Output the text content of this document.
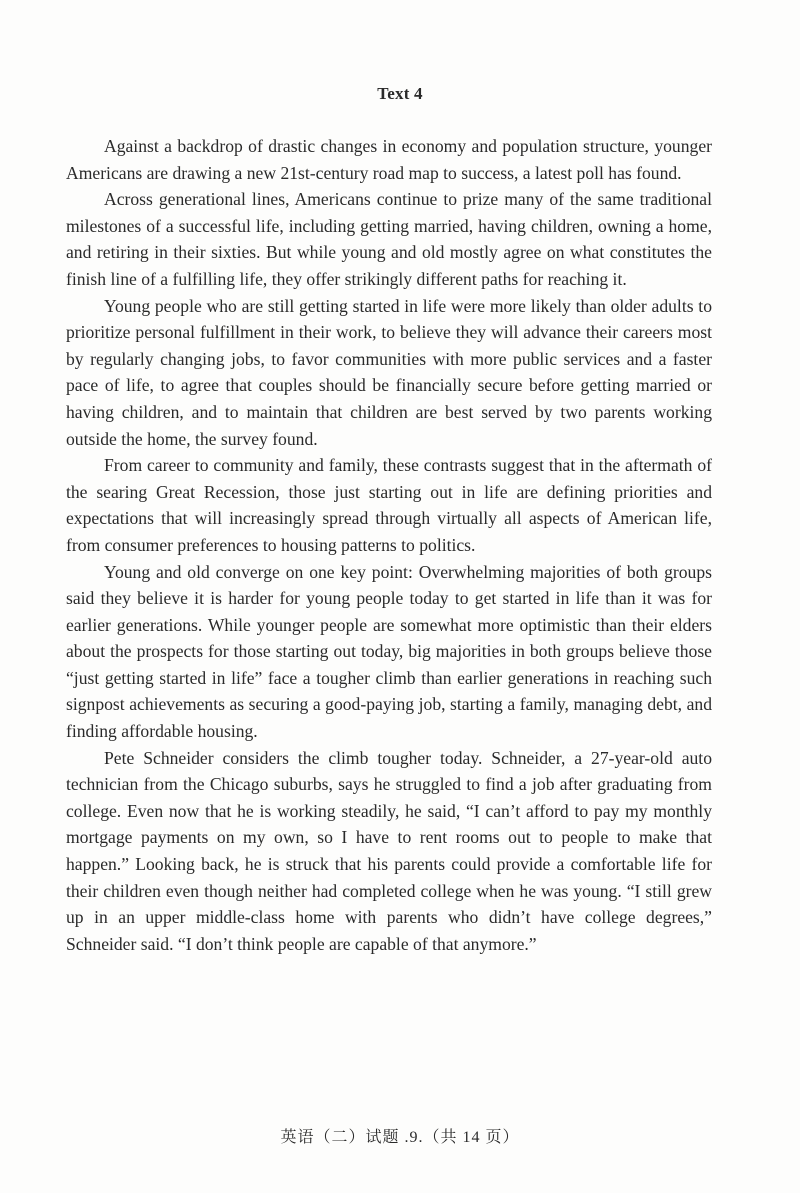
Text 4

Against a backdrop of drastic changes in economy and population structure, younger Americans are drawing a new 21st-century road map to success, a latest poll has found.

Across generational lines, Americans continue to prize many of the same traditional milestones of a successful life, including getting married, having children, owning a home, and retiring in their sixties. But while young and old mostly agree on what constitutes the finish line of a fulfilling life, they offer strikingly different paths for reaching it.

Young people who are still getting started in life were more likely than older adults to prioritize personal fulfillment in their work, to believe they will advance their careers most by regularly changing jobs, to favor communities with more public services and a faster pace of life, to agree that couples should be financially secure before getting married or having children, and to maintain that children are best served by two parents working outside the home, the survey found.

From career to community and family, these contrasts suggest that in the aftermath of the searing Great Recession, those just starting out in life are defining priorities and expectations that will increasingly spread through virtually all aspects of American life, from consumer preferences to housing patterns to politics.

Young and old converge on one key point: Overwhelming majorities of both groups said they believe it is harder for young people today to get started in life than it was for earlier generations. While younger people are somewhat more optimistic than their elders about the prospects for those starting out today, big majorities in both groups believe those “just getting started in life” face a tougher climb than earlier generations in reaching such signpost achievements as securing a good-paying job, starting a family, managing debt, and finding affordable housing.

Pete Schneider considers the climb tougher today. Schneider, a 27-year-old auto technician from the Chicago suburbs, says he struggled to find a job after graduating from college. Even now that he is working steadily, he said, “I can’t afford to pay my monthly mortgage payments on my own, so I have to rent rooms out to people to make that happen.” Looking back, he is struck that his parents could provide a comfortable life for their children even though neither had completed college when he was young. “I still grew up in an upper middle-class home with parents who didn’t have college degrees,” Schneider said. “I don’t think people are capable of that anymore.”

英语（二）试题 .9.（共 14 页）
